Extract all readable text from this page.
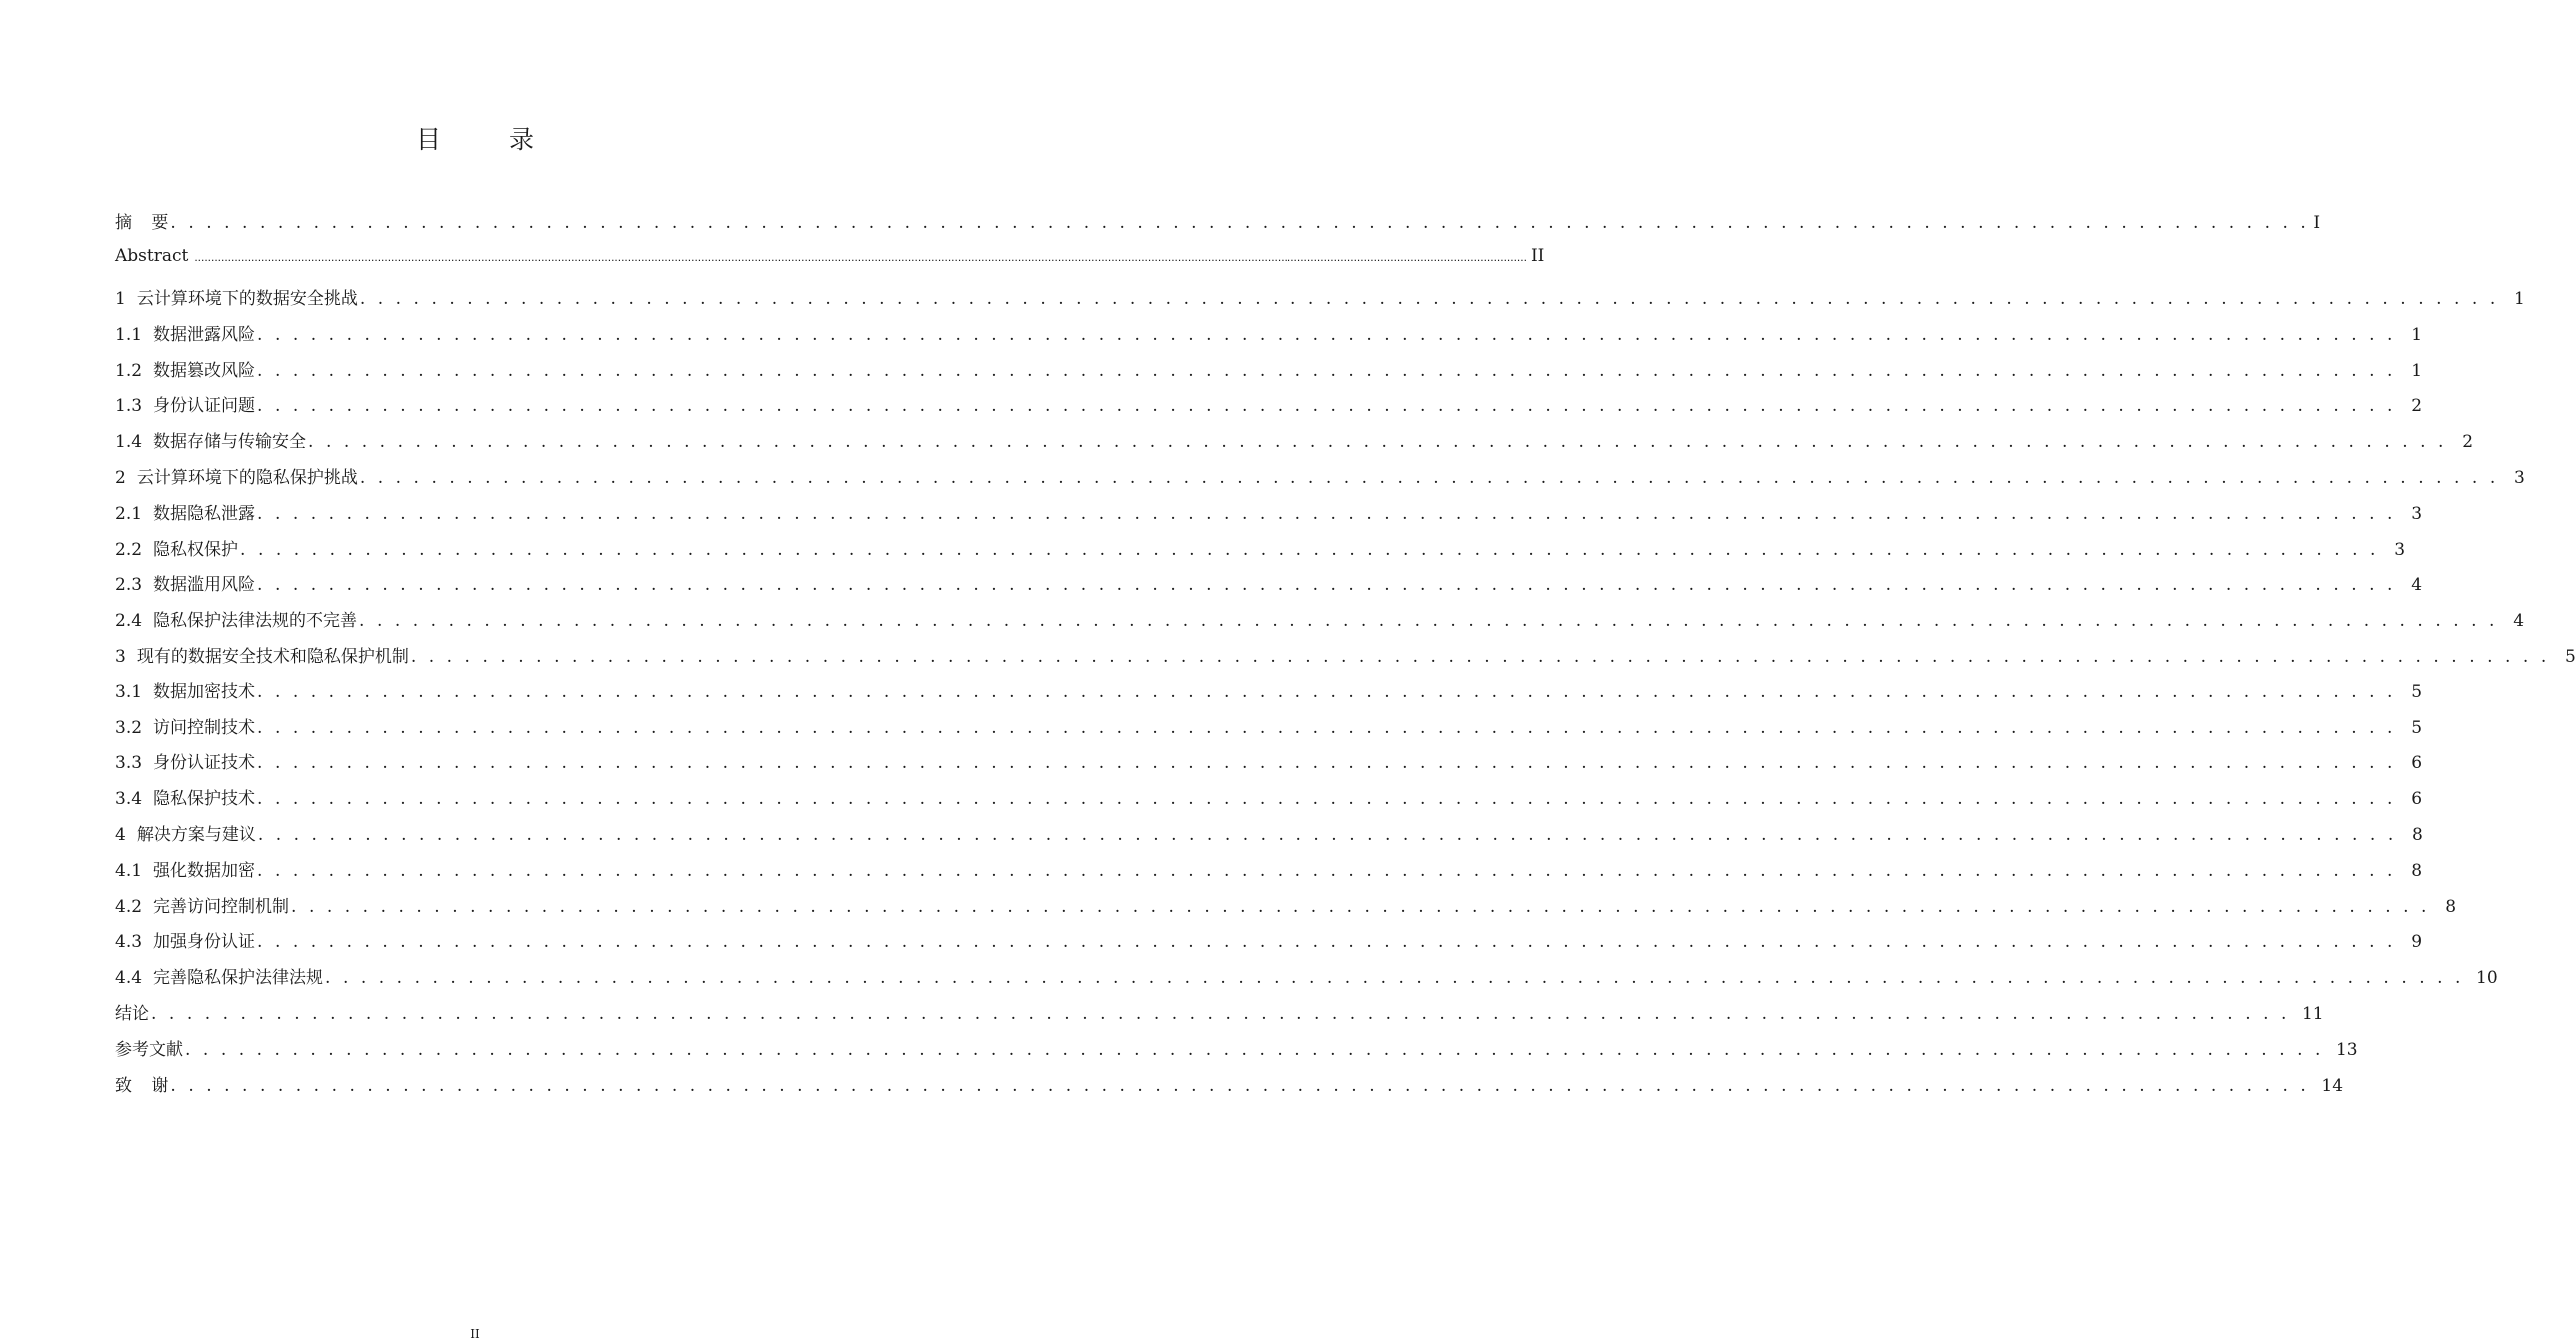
目 录
摘 要 . . . . . . . . . . . . . . . . . . . . . . . . . . . . . . . . . . . . . . . . . . . . . . . . . . . . . . . . . . . . . . . . . . . . . . . . . . . . . . . . . . . . . . . . . . . . . . . . . . . . . . . . . . . . . . . . . . . . . . . . I
Abstract ................................................................................................................................................................................................................................................................................................................................................................................................................ II
1 云计算环境下的数据安全挑战 . . . . . . . . . . . . . . . . . . . . . . . . . . . . . . . . . . . . . . . . . . . . . . . . . . . . . . . . . . . . . . . . . . . . . . . . . . . . . . . . . . . . . . . . . . . . . . . . . . . . . . . . . . . . . . . . . . . . . . . . 1
1.1 数据泄露风险 . . . . . . . . . . . . . . . . . . . . . . . . . . . . . . . . . . . . . . . . . . . . . . . . . . . . . . . . . . . . . . . . . . . . . . . . . . . . . . . . . . . . . . . . . . . . . . . . . . . . . . . . . . . . . . . . . . . . . . . . 1
1.2 数据篡改风险 . . . . . . . . . . . . . . . . . . . . . . . . . . . . . . . . . . . . . . . . . . . . . . . . . . . . . . . . . . . . . . . . . . . . . . . . . . . . . . . . . . . . . . . . . . . . . . . . . . . . . . . . . . . . . . . . . . . . . . . . 1
1.3 身份认证问题 . . . . . . . . . . . . . . . . . . . . . . . . . . . . . . . . . . . . . . . . . . . . . . . . . . . . . . . . . . . . . . . . . . . . . . . . . . . . . . . . . . . . . . . . . . . . . . . . . . . . . . . . . . . . . . . . . . . . . . . . 2
1.4 数据存储与传输安全 . . . . . . . . . . . . . . . . . . . . . . . . . . . . . . . . . . . . . . . . . . . . . . . . . . . . . . . . . . . . . . . . . . . . . . . . . . . . . . . . . . . . . . . . . . . . . . . . . . . . . . . . . . . . . . . . . . . . . . . . 2
2 云计算环境下的隐私保护挑战 . . . . . . . . . . . . . . . . . . . . . . . . . . . . . . . . . . . . . . . . . . . . . . . . . . . . . . . . . . . . . . . . . . . . . . . . . . . . . . . . . . . . . . . . . . . . . . . . . . . . . . . . . . . . . . . . . . . . . . . . 3
2.1 数据隐私泄露 . . . . . . . . . . . . . . . . . . . . . . . . . . . . . . . . . . . . . . . . . . . . . . . . . . . . . . . . . . . . . . . . . . . . . . . . . . . . . . . . . . . . . . . . . . . . . . . . . . . . . . . . . . . . . . . . . . . . . . . . 3
2.2 隐私权保护 . . . . . . . . . . . . . . . . . . . . . . . . . . . . . . . . . . . . . . . . . . . . . . . . . . . . . . . . . . . . . . . . . . . . . . . . . . . . . . . . . . . . . . . . . . . . . . . . . . . . . . . . . . . . . . . . . . . . . . . . 3
2.3 数据滥用风险 . . . . . . . . . . . . . . . . . . . . . . . . . . . . . . . . . . . . . . . . . . . . . . . . . . . . . . . . . . . . . . . . . . . . . . . . . . . . . . . . . . . . . . . . . . . . . . . . . . . . . . . . . . . . . . . . . . . . . . . . 4
2.4 隐私保护法律法规的不完善 . . . . . . . . . . . . . . . . . . . . . . . . . . . . . . . . . . . . . . . . . . . . . . . . . . . . . . . . . . . . . . . . . . . . . . . . . . . . . . . . . . . . . . . . . . . . . . . . . . . . . . . . . . . . . . . . . . . . . . . . 4
3 现有的数据安全技术和隐私保护机制 . . . . . . . . . . . . . . . . . . . . . . . . . . . . . . . . . . . . . . . . . . . . . . . . . . . . . . . . . . . . . . . . . . . . . . . . . . . . . . . . . . . . . . . . . . . . . . . . . . . . . . . . . . . . . . . . . . . . . . . . 5
3.1 数据加密技术 . . . . . . . . . . . . . . . . . . . . . . . . . . . . . . . . . . . . . . . . . . . . . . . . . . . . . . . . . . . . . . . . . . . . . . . . . . . . . . . . . . . . . . . . . . . . . . . . . . . . . . . . . . . . . . . . . . . . . . . . 5
3.2 访问控制技术 . . . . . . . . . . . . . . . . . . . . . . . . . . . . . . . . . . . . . . . . . . . . . . . . . . . . . . . . . . . . . . . . . . . . . . . . . . . . . . . . . . . . . . . . . . . . . . . . . . . . . . . . . . . . . . . . . . . . . . . . 5
3.3 身份认证技术 . . . . . . . . . . . . . . . . . . . . . . . . . . . . . . . . . . . . . . . . . . . . . . . . . . . . . . . . . . . . . . . . . . . . . . . . . . . . . . . . . . . . . . . . . . . . . . . . . . . . . . . . . . . . . . . . . . . . . . . . 6
3.4 隐私保护技术 . . . . . . . . . . . . . . . . . . . . . . . . . . . . . . . . . . . . . . . . . . . . . . . . . . . . . . . . . . . . . . . . . . . . . . . . . . . . . . . . . . . . . . . . . . . . . . . . . . . . . . . . . . . . . . . . . . . . . . . . 6
4 解决方案与建议 . . . . . . . . . . . . . . . . . . . . . . . . . . . . . . . . . . . . . . . . . . . . . . . . . . . . . . . . . . . . . . . . . . . . . . . . . . . . . . . . . . . . . . . . . . . . . . . . . . . . . . . . . . . . . . . . . . . . . . . . 8
4.1 强化数据加密 . . . . . . . . . . . . . . . . . . . . . . . . . . . . . . . . . . . . . . . . . . . . . . . . . . . . . . . . . . . . . . . . . . . . . . . . . . . . . . . . . . . . . . . . . . . . . . . . . . . . . . . . . . . . . . . . . . . . . . . . 8
4.2 完善访问控制机制 . . . . . . . . . . . . . . . . . . . . . . . . . . . . . . . . . . . . . . . . . . . . . . . . . . . . . . . . . . . . . . . . . . . . . . . . . . . . . . . . . . . . . . . . . . . . . . . . . . . . . . . . . . . . . . . . . . . . . . . . 8
4.3 加强身份认证 . . . . . . . . . . . . . . . . . . . . . . . . . . . . . . . . . . . . . . . . . . . . . . . . . . . . . . . . . . . . . . . . . . . . . . . . . . . . . . . . . . . . . . . . . . . . . . . . . . . . . . . . . . . . . . . . . . . . . . . . 9
4.4 完善隐私保护法律法规 . . . . . . . . . . . . . . . . . . . . . . . . . . . . . . . . . . . . . . . . . . . . . . . . . . . . . . . . . . . . . . . . . . . . . . . . . . . . . . . . . . . . . . . . . . . . . . . . . . . . . . . . . . . . . . . . . . . . . . . . 10
结论 . . . . . . . . . . . . . . . . . . . . . . . . . . . . . . . . . . . . . . . . . . . . . . . . . . . . . . . . . . . . . . . . . . . . . . . . . . . . . . . . . . . . . . . . . . . . . . . . . . . . . . . . . . . . . . . . . . . . . . . . 11
参考文献 . . . . . . . . . . . . . . . . . . . . . . . . . . . . . . . . . . . . . . . . . . . . . . . . . . . . . . . . . . . . . . . . . . . . . . . . . . . . . . . . . . . . . . . . . . . . . . . . . . . . . . . . . . . . . . . . . . . . . . . . 13
致 谢 . . . . . . . . . . . . . . . . . . . . . . . . . . . . . . . . . . . . . . . . . . . . . . . . . . . . . . . . . . . . . . . . . . . . . . . . . . . . . . . . . . . . . . . . . . . . . . . . . . . . . . . . . . . . . . . . . . . . . . . . 14
II
